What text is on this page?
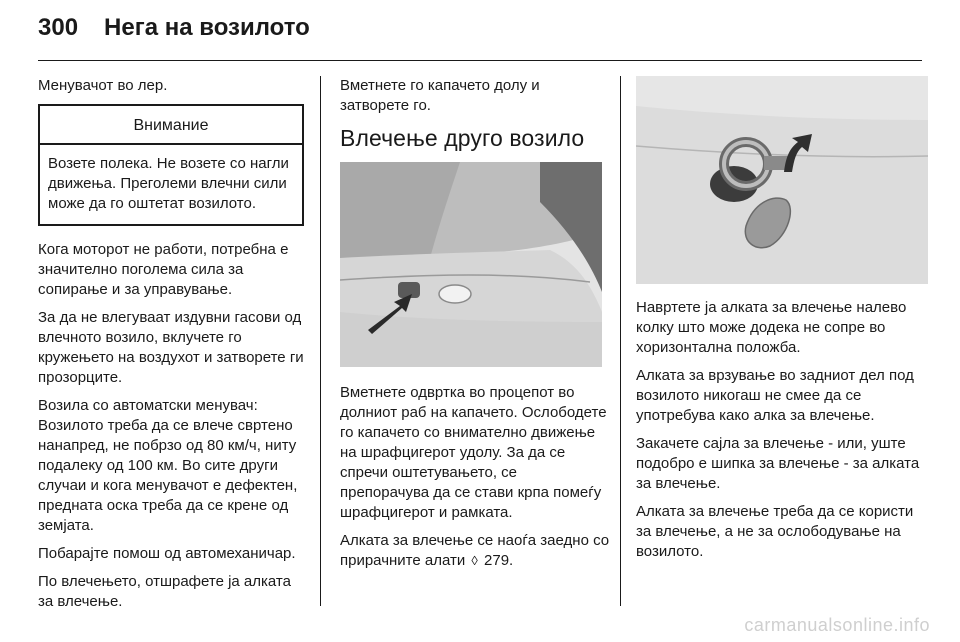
300 Нега на возилото

Менувачот во лер.

Внимание
Возете полека. Не возете со нагли движења. Преголеми влечни сили може да го оштетат возилото.

Кога моторот не работи, потребна е значително поголема сила за сопирање и за управување.

За да не влегуваат издувни гасови од влечното возило, вклучете го кружењето на воздухот и затворете ги прозорците.

Возила со автоматски менувач: Возилото треба да се влече свртено нанапред, не побрзо од 80 км/ч, ниту подалеку од 100 км. Во сите други случаи и кога менувачот е дефектен, предната оска треба да се крене од земјата.

Побарајте помош од автомеханичар.

По влечењето, отшрафете ја алката за влечење.

Вметнете го капачето долу и затворете го.

Влечење друго возило

Вметнете одвртка во процепот во долниот раб на капачето. Ослободете го капачето со внимателно движење на шрафцигерот удолу. За да се спречи оштетувањето, се препорачува да се стави крпа помеѓу шрафцигерот и рамката.

Алката за влечење се наоѓа заедно со прирачните алати ◊ 279.

Навртете ја алката за влечење налево колку што може додека не сопре во хоризонтална положба.

Алката за врзување во задниот дел под возилото никогаш не смее да се употребува како алка за влечење.

Закачете сајла за влечење - или, уште подобро е шипка за влечење - за алката за влечење.

Алката за влечење треба да се користи за влечење, а не за ослободување на возилото.

carmanualsonline.info
